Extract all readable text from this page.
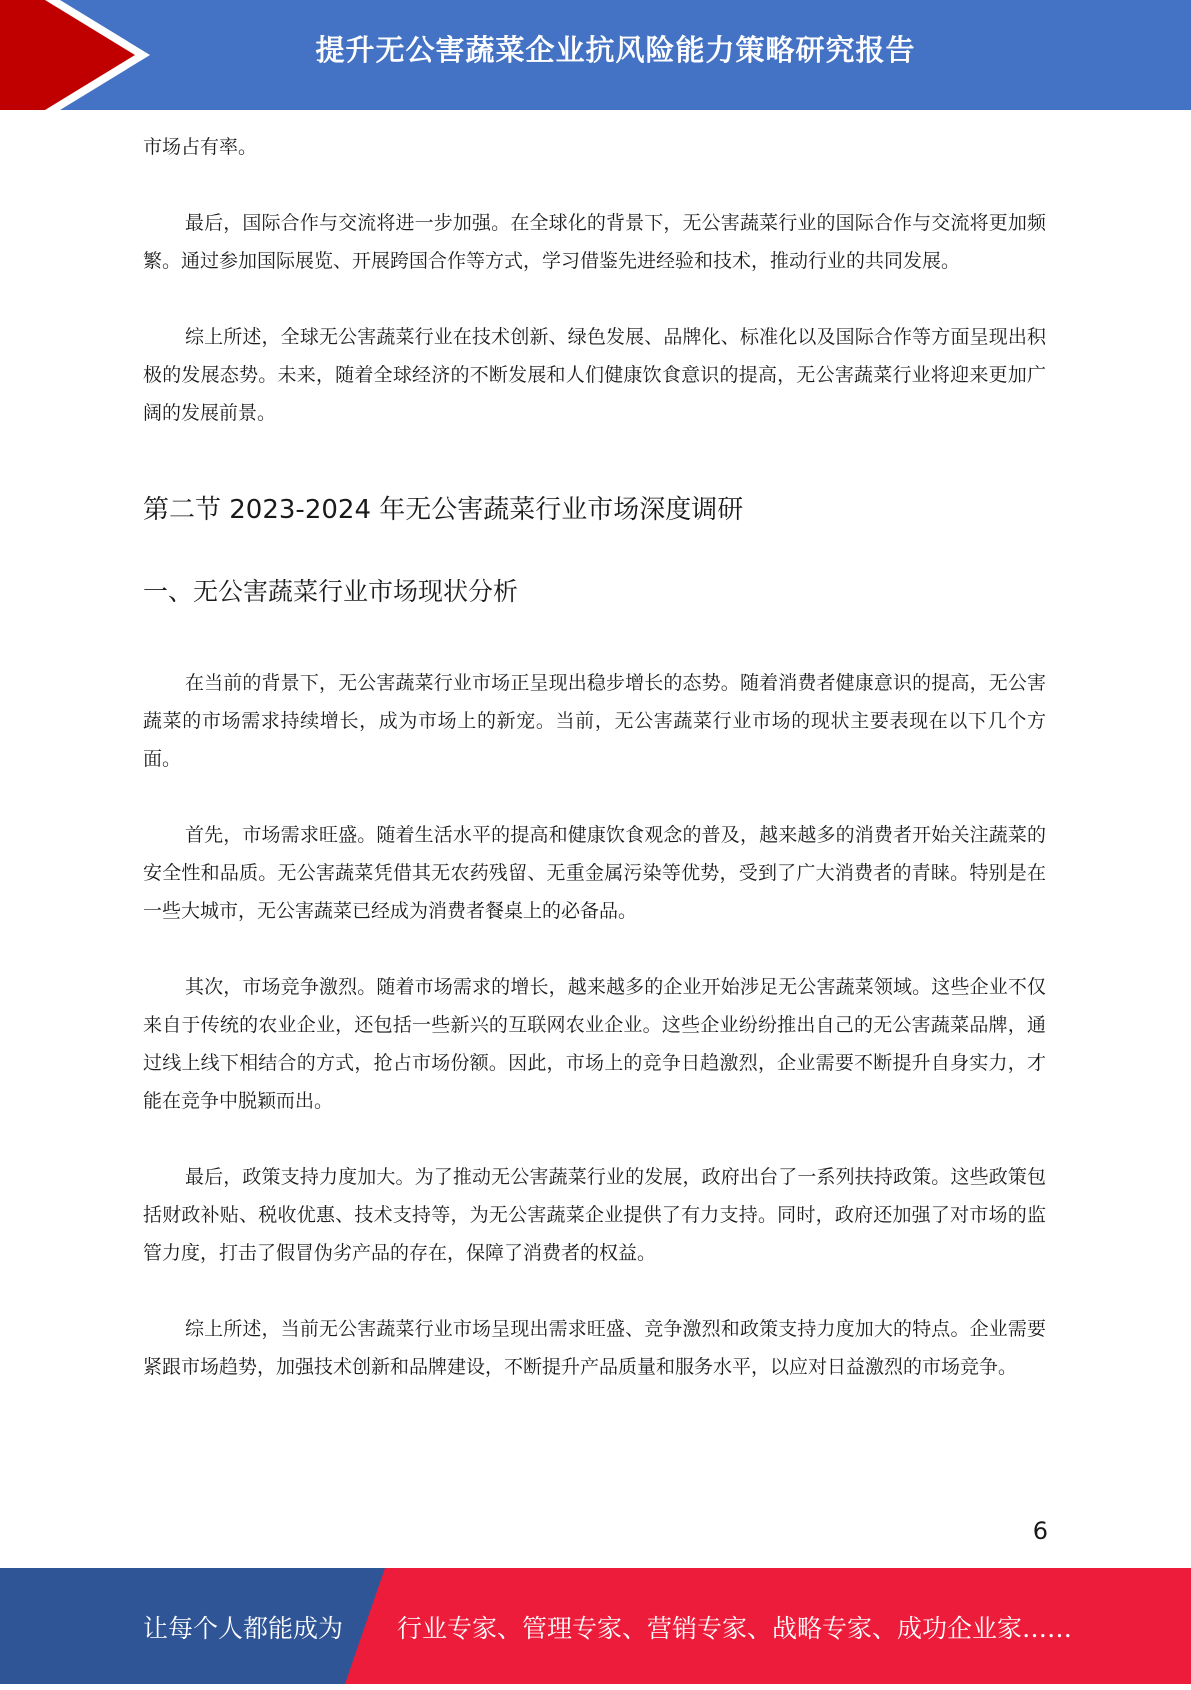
提升无公害蔬菜企业抗风险能力策略研究报告

市场占有率。

最后，国际合作与交流将进一步加强。在全球化的背景下，无公害蔬菜行业的国际合作与交流将更加频繁。通过参加国际展览、开展跨国合作等方式，学习借鉴先进经验和技术，推动行业的共同发展。

综上所述，全球无公害蔬菜行业在技术创新、绿色发展、品牌化、标准化以及国际合作等方面呈现出积极的发展态势。未来，随着全球经济的不断发展和人们健康饮食意识的提高，无公害蔬菜行业将迎来更加广阔的发展前景。

第二节 2023-2024 年无公害蔬菜行业市场深度调研
一、无公害蔬菜行业市场现状分析

在当前的背景下，无公害蔬菜行业市场正呈现出稳步增长的态势。随着消费者健康意识的提高，无公害蔬菜的市场需求持续增长，成为市场上的新宠。当前，无公害蔬菜行业市场的现状主要表现在以下几个方面。

首先，市场需求旺盛。随着生活水平的提高和健康饮食观念的普及，越来越多的消费者开始关注蔬菜的安全性和品质。无公害蔬菜凭借其无农药残留、无重金属污染等优势，受到了广大消费者的青睐。特别是在一些大城市，无公害蔬菜已经成为消费者餐桌上的必备品。

其次，市场竞争激烈。随着市场需求的增长，越来越多的企业开始涉足无公害蔬菜领域。这些企业不仅来自于传统的农业企业，还包括一些新兴的互联网农业企业。这些企业纷纷推出自己的无公害蔬菜品牌，通过线上线下相结合的方式，抢占市场份额。因此，市场上的竞争日趋激烈，企业需要不断提升自身实力，才能在竞争中脱颖而出。

最后，政策支持力度加大。为了推动无公害蔬菜行业的发展，政府出台了一系列扶持政策。这些政策包括财政补贴、税收优惠、技术支持等，为无公害蔬菜企业提供了有力支持。同时，政府还加强了对市场的监管力度，打击了假冒伪劣产品的存在，保障了消费者的权益。

综上所述，当前无公害蔬菜行业市场呈现出需求旺盛、竞争激烈和政策支持力度加大的特点。企业需要紧跟市场趋势，加强技术创新和品牌建设，不断提升产品质量和服务水平，以应对日益激烈的市场竞争。

6
让每个人都能成为 行业专家、管理专家、营销专家、战略专家、成功企业家……
